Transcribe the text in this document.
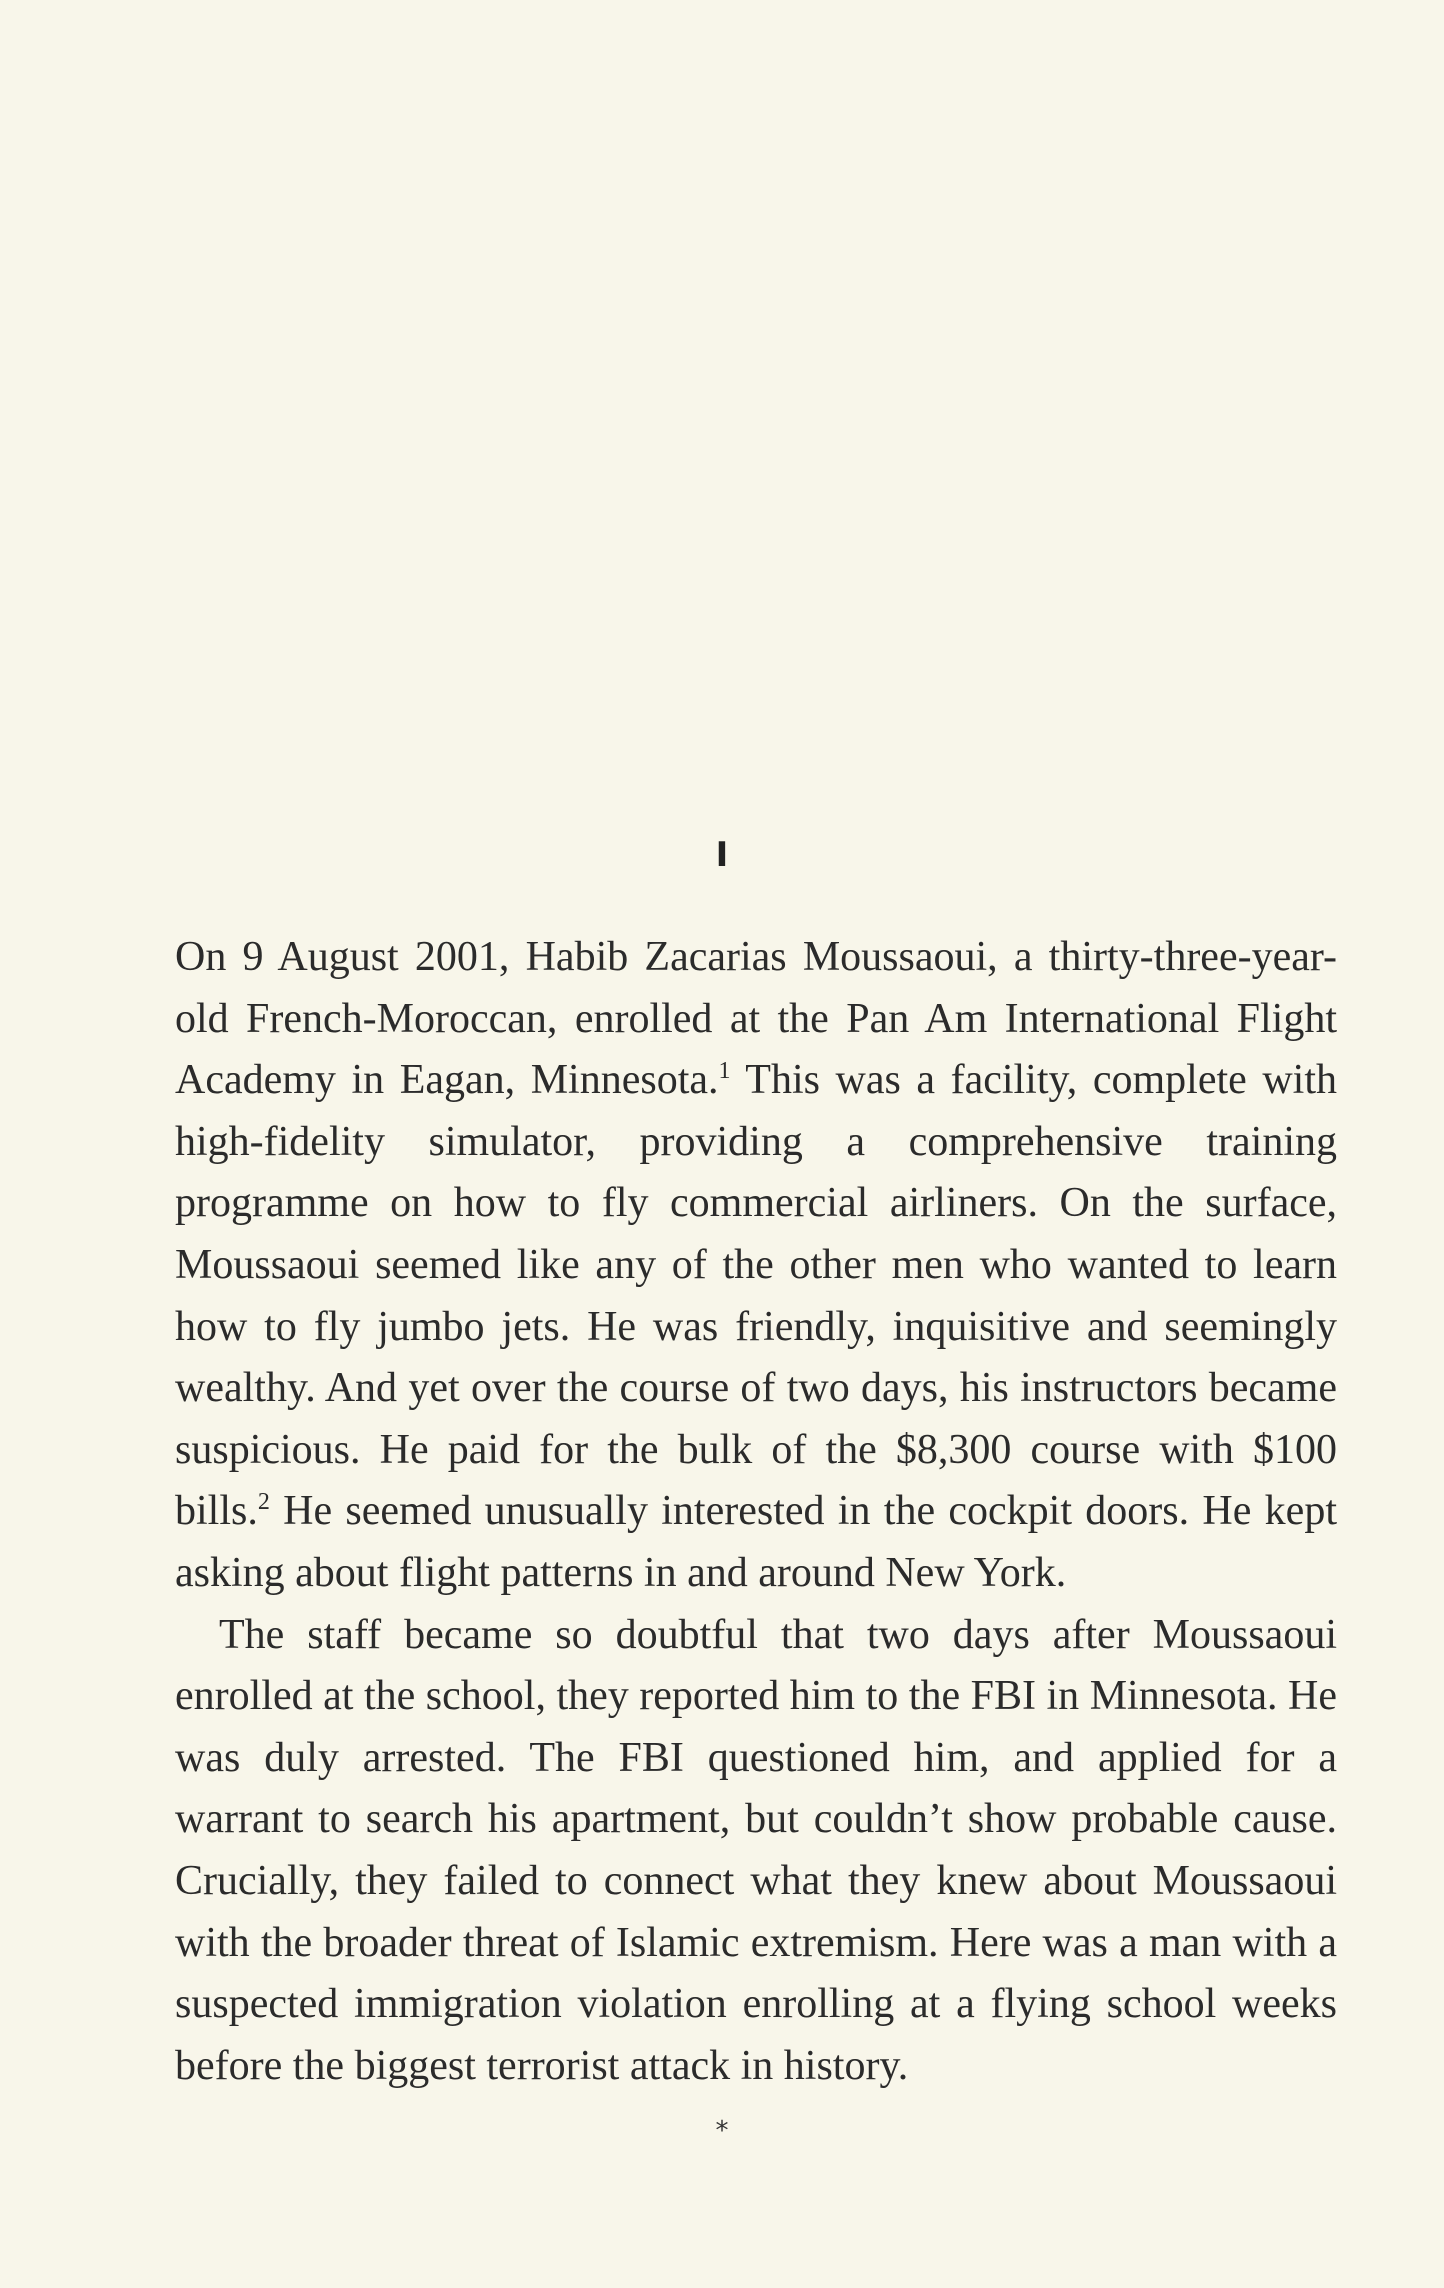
I

On 9 August 2001, Habib Zacarias Moussaoui, a thirty-three-year-old French-Moroccan, enrolled at the Pan Am International Flight Academy in Eagan, Minnesota.$^1$ This was a facility, complete with high-fidelity simulator, providing a comprehensive training programme on how to fly commercial airliners. On the surface, Moussaoui seemed like any of the other men who wanted to learn how to fly jumbo jets. He was friendly, inquisitive and seemingly wealthy. And yet over the course of two days, his instructors became suspicious. He paid for the bulk of the $8,300 course with $100 bills.$^2$ He seemed unusually interested in the cockpit doors. He kept asking about flight patterns in and around New York.

The staff became so doubtful that two days after Moussaoui enrolled at the school, they reported him to the FBI in Minnesota. He was duly arrested. The FBI questioned him, and applied for a warrant to search his apartment, but couldn’t show probable cause. Crucially, they failed to connect what they knew about Moussaoui with the broader threat of Islamic extremism. Here was a man with a suspected immigration violation enrolling at a flying school weeks before the biggest terrorist attack in history.

*
